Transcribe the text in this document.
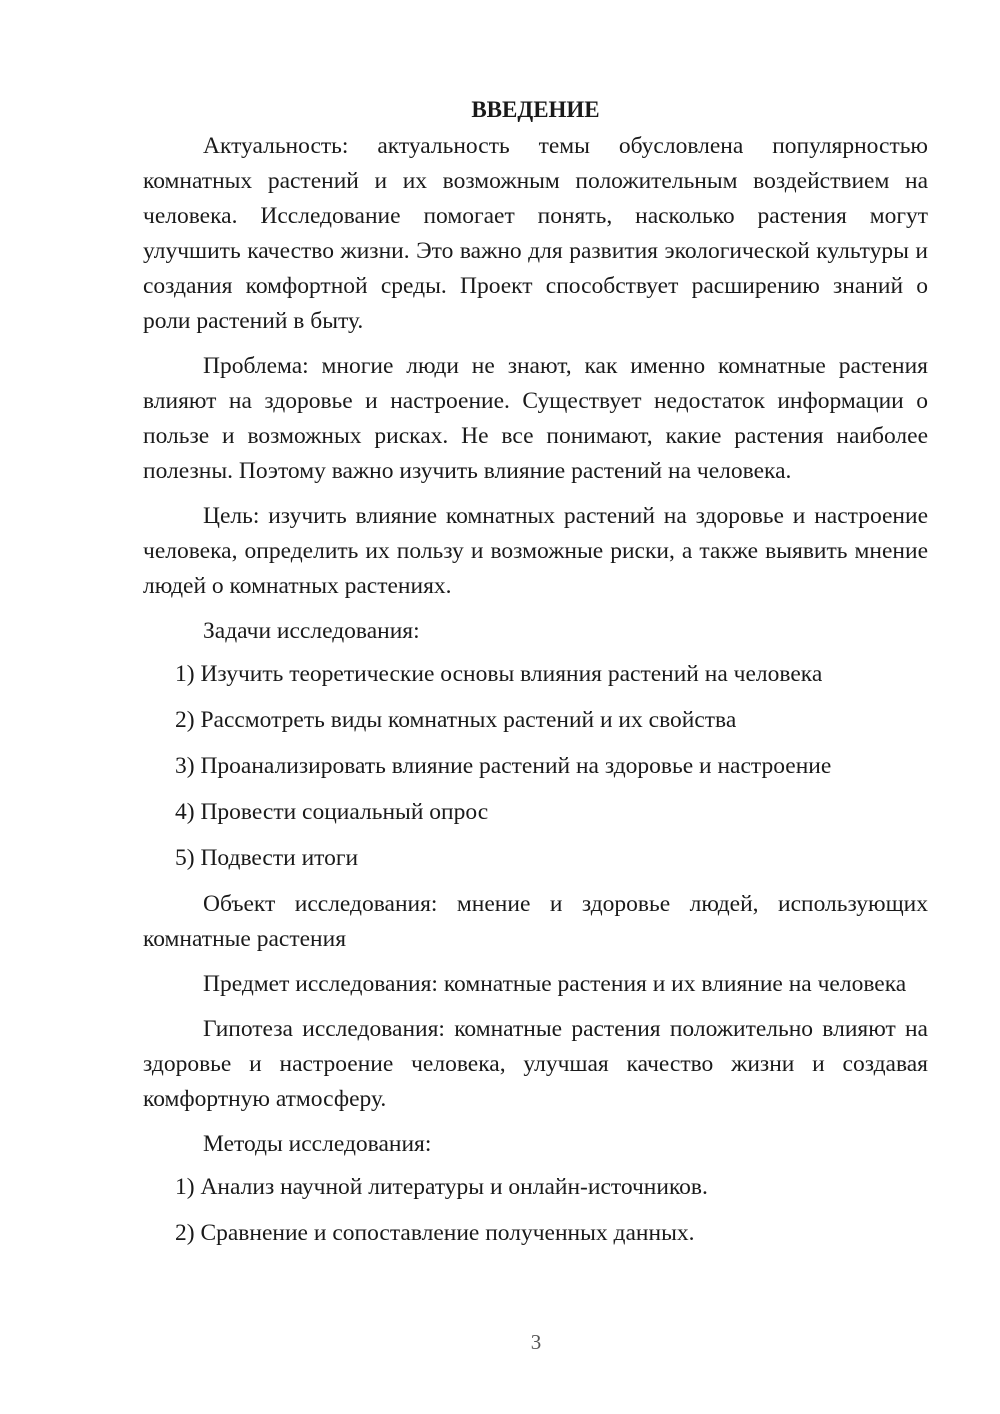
ВВЕДЕНИЕ

Актуальность: актуальность темы обусловлена популярностью комнатных растений и их возможным положительным воздействием на человека. Исследование помогает понять, насколько растения могут улучшить качество жизни. Это важно для развития экологической культуры и создания комфортной среды. Проект способствует расширению знаний о роли растений в быту.

Проблема: многие люди не знают, как именно комнатные растения влияют на здоровье и настроение. Существует недостаток информации о пользе и возможных рисках. Не все понимают, какие растения наиболее полезны. Поэтому важно изучить влияние растений на человека.

Цель: изучить влияние комнатных растений на здоровье и настроение человека, определить их пользу и возможные риски, а также выявить мнение людей о комнатных растениях.

Задачи исследования:

1) Изучить теоретические основы влияния растений на человека
2) Рассмотреть виды комнатных растений и их свойства
3) Проанализировать влияние растений на здоровье и настроение
4) Провести социальный опрос
5) Подвести итоги

Объект исследования: мнение и здоровье людей, использующих комнатные растения

Предмет исследования: комнатные растения и их влияние на человека

Гипотеза исследования: комнатные растения положительно влияют на здоровье и настроение человека, улучшая качество жизни и создавая комфортную атмосферу.

Методы исследования:

1) Анализ научной литературы и онлайн-источников.
2) Сравнение и сопоставление полученных данных.
3
